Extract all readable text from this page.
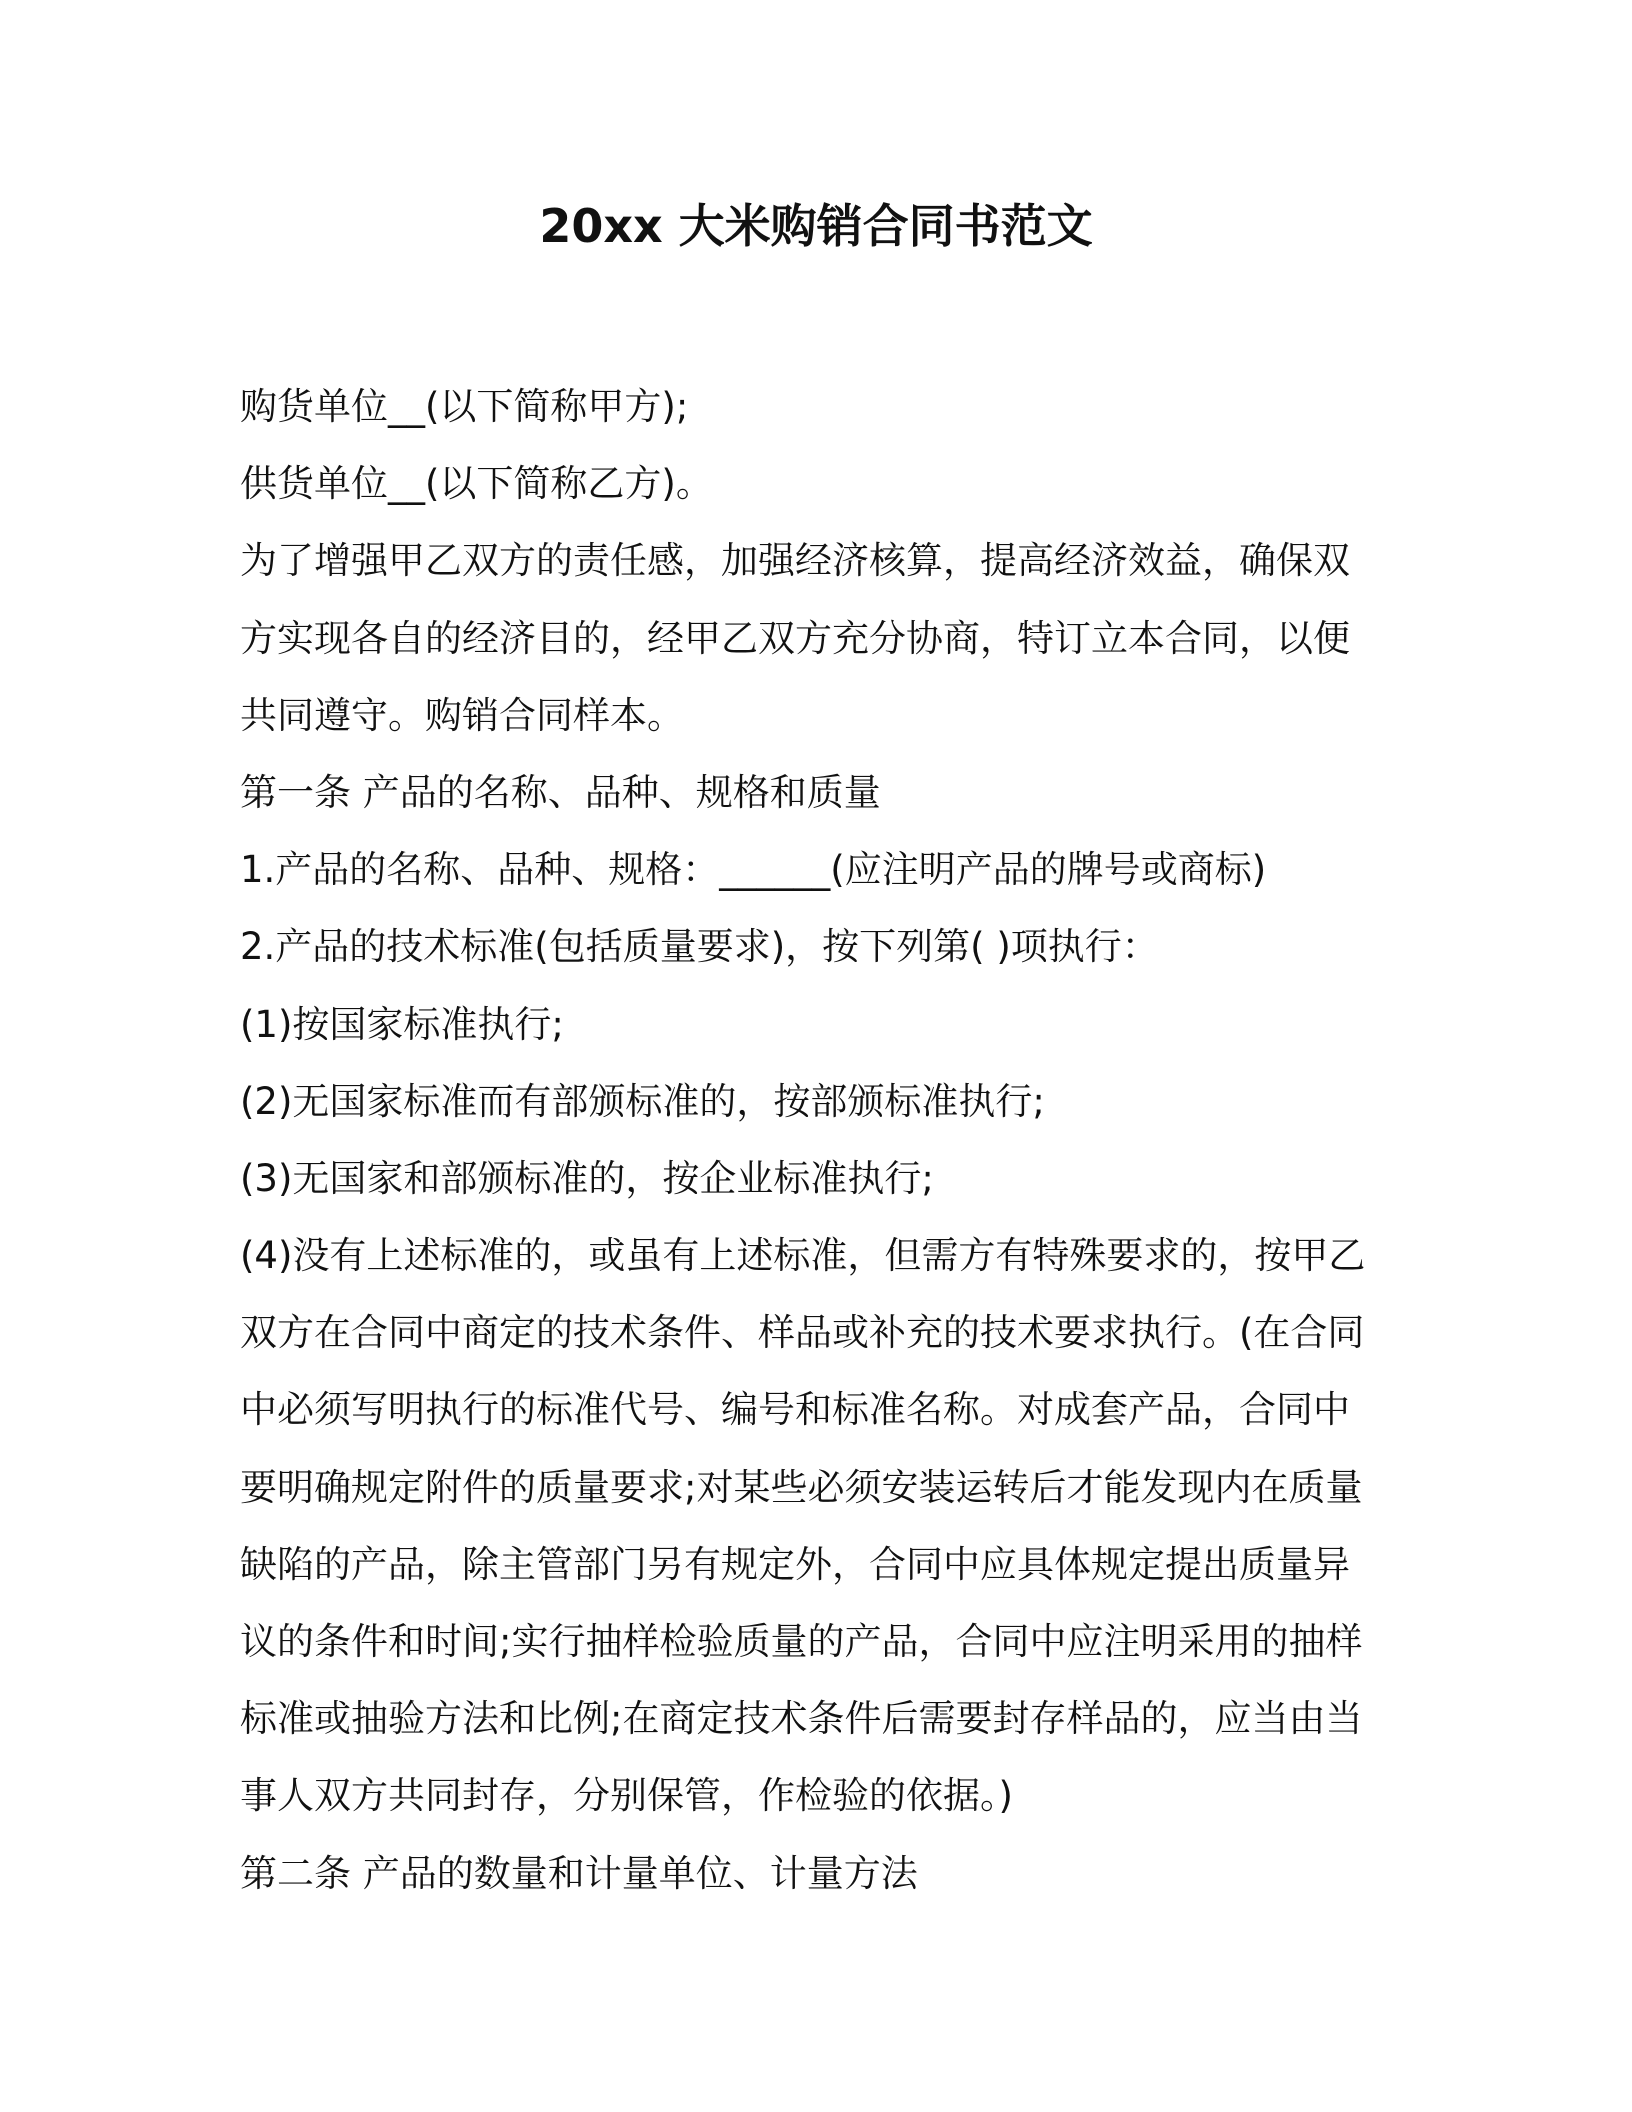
20xx 大米购销合同书范文
购货单位__(以下简称甲方);
供货单位__(以下简称乙方)。
为了增强甲乙双方的责任感，加强经济核算，提高经济效益，确保双
方实现各自的经济目的，经甲乙双方充分协商，特订立本合同，以便
共同遵守。购销合同样本。
第一条 产品的名称、品种、规格和质量
1.产品的名称、品种、规格：______(应注明产品的牌号或商标)
2.产品的技术标准(包括质量要求)，按下列第( )项执行：
(1)按国家标准执行;
(2)无国家标准而有部颁标准的，按部颁标准执行;
(3)无国家和部颁标准的，按企业标准执行;
(4)没有上述标准的，或虽有上述标准，但需方有特殊要求的，按甲乙
双方在合同中商定的技术条件、样品或补充的技术要求执行。(在合同
中必须写明执行的标准代号、编号和标准名称。对成套产品，合同中
要明确规定附件的质量要求;对某些必须安装运转后才能发现内在质量
缺陷的产品，除主管部门另有规定外，合同中应具体规定提出质量异
议的条件和时间;实行抽样检验质量的产品，合同中应注明采用的抽样
标准或抽验方法和比例;在商定技术条件后需要封存样品的，应当由当
事人双方共同封存，分别保管，作检验的依据。)
第二条 产品的数量和计量单位、计量方法
